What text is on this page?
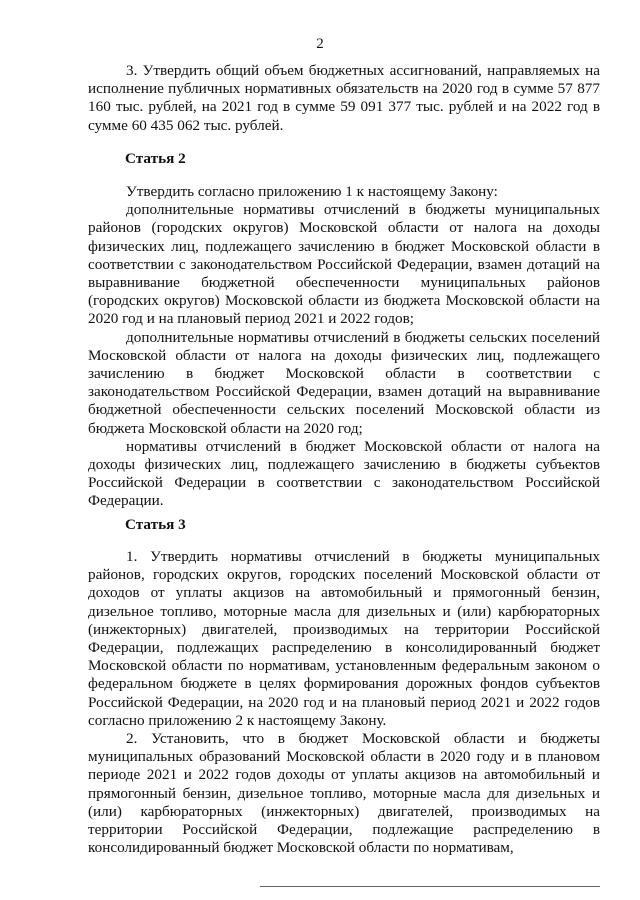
2

3. Утвердить общий объем бюджетных ассигнований, направляемых на исполнение публичных нормативных обязательств на 2020 год в сумме 57 877 160 тыс. рублей, на 2021 год в сумме 59 091 377 тыс. рублей и на 2022 год в сумме 60 435 062 тыс. рублей.

Статья 2

Утвердить согласно приложению 1 к настоящему Закону:

дополнительные нормативы отчислений в бюджеты муниципальных районов (городских округов) Московской области от налога на доходы физических лиц, подлежащего зачислению в бюджет Московской области в соответствии с законодательством Российской Федерации, взамен дотаций на выравнивание бюджетной обеспеченности муниципальных районов (городских округов) Московской области из бюджета Московской области на 2020 год и на плановый период 2021 и 2022 годов;

дополнительные нормативы отчислений в бюджеты сельских поселений Московской области от налога на доходы физических лиц, подлежащего зачислению в бюджет Московской области в соответствии с законодательством Российской Федерации, взамен дотаций на выравнивание бюджетной обеспеченности сельских поселений Московской области из бюджета Московской области на 2020 год;

нормативы отчислений в бюджет Московской области от налога на доходы физических лиц, подлежащего зачислению в бюджеты субъектов Российской Федерации в соответствии с законодательством Российской Федерации.

Статья 3

1. Утвердить нормативы отчислений в бюджеты муниципальных районов, городских округов, городских поселений Московской области от доходов от уплаты акцизов на автомобильный и прямогонный бензин, дизельное топливо, моторные масла для дизельных и (или) карбюраторных (инжекторных) двигателей, производимых на территории Российской Федерации, подлежащих распределению в консолидированный бюджет Московской области по нормативам, установленным федеральным законом о федеральном бюджете в целях формирования дорожных фондов субъектов Российской Федерации, на 2020 год и на плановый период 2021 и 2022 годов согласно приложению 2 к настоящему Закону.

2. Установить, что в бюджет Московской области и бюджеты муниципальных образований Московской области в 2020 году и в плановом периоде 2021 и 2022 годов доходы от уплаты акцизов на автомобильный и прямогонный бензин, дизельное топливо, моторные масла для дизельных и (или) карбюраторных (инжекторных) двигателей, производимых на территории Российской Федерации, подлежащие распределению в консолидированный бюджет Московской области по нормативам,
